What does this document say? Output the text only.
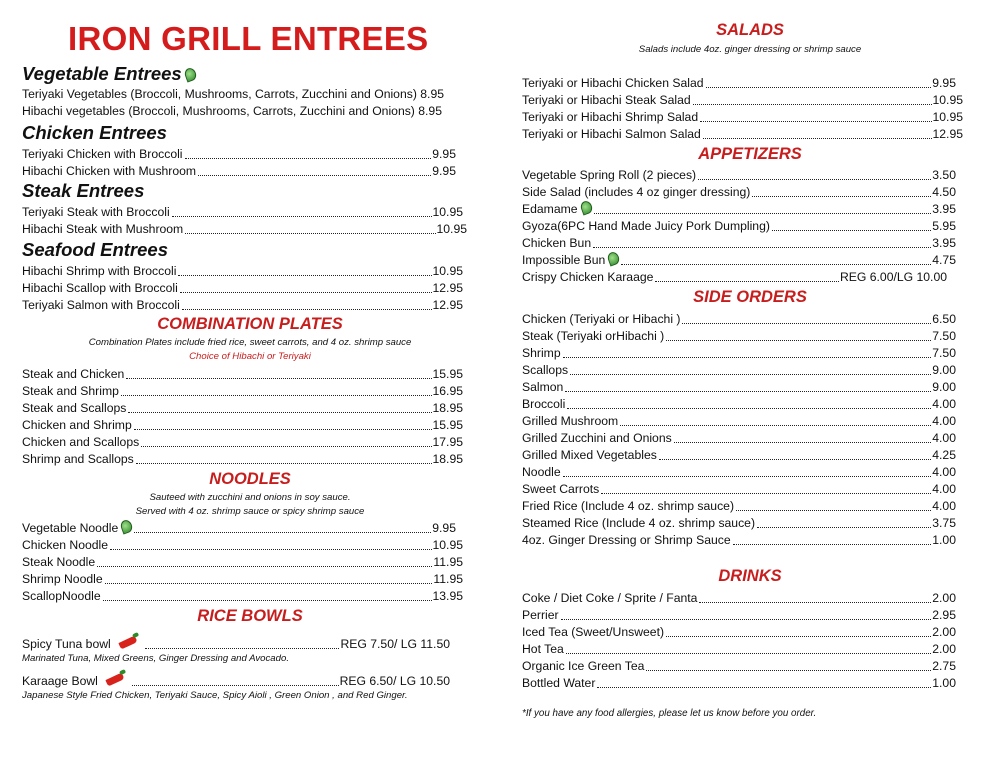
IRON GRILL ENTREES
Vegetable Entrees
Teriyaki Vegetables (Broccoli, Mushrooms, Carrots, Zucchini and Onions) 8.95
Hibachi vegetables (Broccoli, Mushrooms, Carrots, Zucchini and Onions) 8.95
Chicken Entrees
Teriyaki Chicken with Broccoli	9.95
Hibachi Chicken with Mushroom	9.95
Steak Entrees
Teriyaki Steak with Broccoli	10.95
Hibachi Steak with Mushroom	10.95
Seafood Entrees
Hibachi Shrimp with Broccoli	10.95
Hibachi Scallop with Broccoli	12.95
Teriyaki Salmon with Broccoli	12.95
COMBINATION PLATES

Combination Plates include fried rice, sweet carrots, and 4 oz. shrimp sauce

Choice of Hibachi or Teriyaki

Steak and Chicken	15.95
Steak and Shrimp	16.95
Steak and Scallops	18.95
Chicken and Shrimp	15.95
Chicken and Scallops	17.95
Shrimp and Scallops	18.95
NOODLES

Sauteed with zucchini and onions in soy sauce.

Served with 4 oz. shrimp sauce or spicy shrimp sauce

Vegetable Noodle	9.95
Chicken Noodle	10.95
Steak Noodle	11.95
Shrimp Noodle	11.95
ScallopNoodle	13.95
RICE BOWLS
Spicy Tuna bowl	REG 7.50/ LG 11.50
Marinated Tuna, Mixed Greens, Ginger Dressing and Avocado.
Karaage Bowl	REG 6.50/ LG 10.50
Japanese Style Fried Chicken, Teriyaki Sauce, Spicy Aioli , Green Onion , and Red Ginger.
SALADS

Salads include 4oz. ginger dressing or shrimp sauce

Teriyaki or Hibachi Chicken Salad	9.95
Teriyaki or Hibachi Steak Salad	10.95
Teriyaki or Hibachi Shrimp Salad	10.95
Teriyaki or Hibachi Salmon Salad	12.95
APPETIZERS
Vegetable Spring Roll (2 pieces)	3.50
Side Salad (includes 4 oz ginger dressing)	4.50
Edamame	3.95
Gyoza(6PC Hand Made Juicy Pork Dumpling)	5.95
Chicken Bun	3.95
Impossible Bun	4.75
Crispy Chicken Karaage	REG 6.00/LG 10.00
SIDE ORDERS
Chicken (Teriyaki or Hibachi )	6.50
Steak (Teriyaki orHibachi )	7.50
Shrimp	7.50
Scallops	9.00
Salmon	9.00
Broccoli	4.00
Grilled Mushroom	4.00
Grilled Zucchini and Onions	4.00
Grilled Mixed Vegetables	4.25
Noodle	4.00
Sweet Carrots	4.00
Fried Rice (Include 4 oz. shrimp sauce)	4.00
Steamed Rice (Include 4 oz. shrimp sauce)	3.75
4oz. Ginger Dressing or Shrimp Sauce	1.00
DRINKS
Coke / Diet Coke / Sprite / Fanta	2.00
Perrier	2.95
Iced Tea (Sweet/Unsweet)	2.00
Hot Tea	2.00
Organic Ice Green Tea	2.75
Bottled Water	1.00
*If you have any food allergies, please let us know before you order.
